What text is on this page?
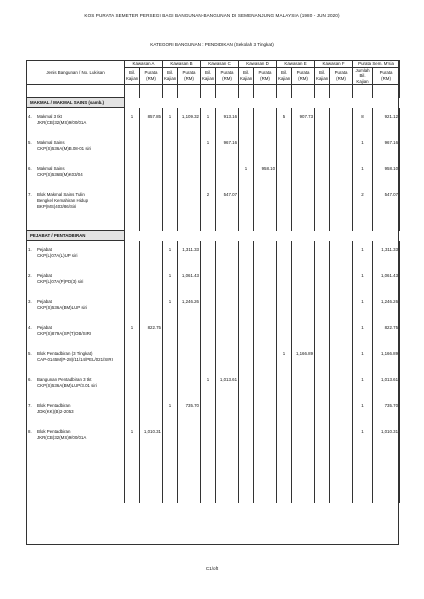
KOS PURATA SEMETER PERSEGI BAGI BANGUNAN-BANGUNAN DI SEMENANJUNG MALAYSIA (1980 - JUN 2020)
KATEGORI BANGUNAN : PENDIDIKAN (Sekolah 3 Tingkat)
Jenis Bangunan / No. Lukisan	Kawasan A		Kawasan B		Kawasan C		Kawasan D		Kawasan E		Kawasan F		Purata Sem. M'sia	
	Bil.
Kajian	Purata
(RM)	Bil.
Kajian	Purata
(RM)	Bil.
Kajian	Purata
(RM)	Bil.
Kajian	Purata
(RM)	Bil.
Kajian	Purata
(RM)	Bil.
Kajian	Purata
(RM)	Jumlah
Bil. Kajian	Purata
(RM)

MAKMAL / MAKMAL SAINS (samb.)														

4. Makmal 3 tkt
JKR(CB)32(MS)9/00/01A	1	857.85	1	1,109.32	1	913.16			5	907.73			8	921.12
5. Makmal Sains
CKP(S)536A(M)B.08-01 siri					1	967.16							1	967.16
6. Makmal Sains
CKP(S)536B(M)K03/04							1	958.10					1	958.10
7. Blok Makmal Sains Tulin
Bengkel Kemahiran Hidup
BKP(MS)403/86/Siri					2	547.07							2	547.07

PEJABAT / PENTADBIRAN														

1. Pejabat
CKP(L)07A(L)UP siri			1	1,311.33									1	1,311.33
2. Pejabat
CKP(L)07A(P)PD(3) siri			1	1,061.43									1	1,061.43
3. Pejabat
CKP(S)536A(BM)LUP siri			1	1,246.26									1	1,246.26
4. Pejabat
CKP(S)879A(SP(T)OB/SIRI	1	822.75											1	822.75
5. Blok Pentadbiran (3 Tingkat)
CAP-0145M(P-28)/11/14/PEL/021/SIRI									1	1,166.89			1	1,166.89
6. Bangunan Pentadbiran 3 tkt
CKP(S)536A(BM)LUP/3.01 siri					1	1,013.61							1	1,013.61
7. Blok Pentadbiran
JDK(KK)(B)2-2053			1	735.70									1	735.70
8. Blok Pentadbiran
JKR(CB)32(MS)9/00/01A	1	1,010.31											1	1,010.31

C1/oft
